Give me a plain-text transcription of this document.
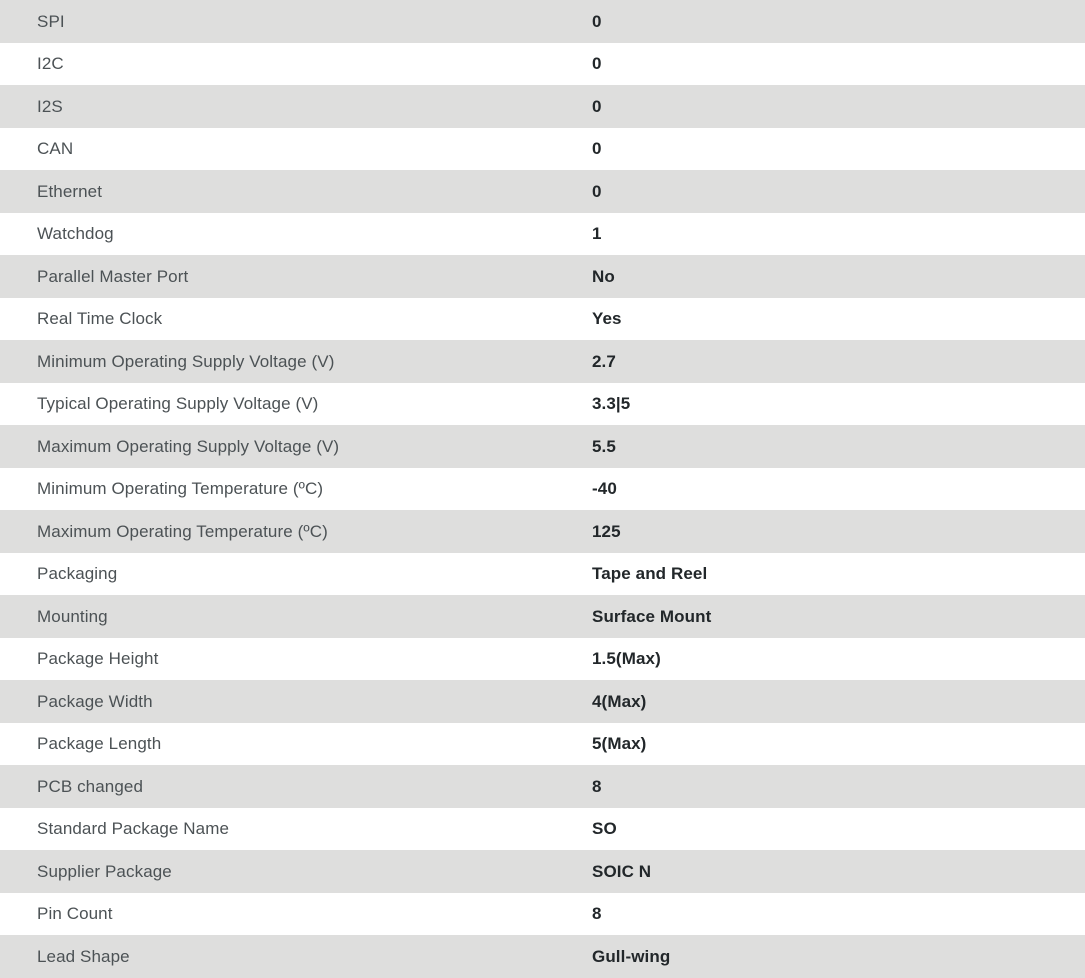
SPI	0
I2C	0
I2S	0
CAN	0
Ethernet	0
Watchdog	1
Parallel Master Port	No
Real Time Clock	Yes
Minimum Operating Supply Voltage (V)	2.7
Typical Operating Supply Voltage (V)	3.3|5
Maximum Operating Supply Voltage (V)	5.5
Minimum Operating Temperature (ºC)	-40
Maximum Operating Temperature (ºC)	125
Packaging	Tape and Reel
Mounting	Surface Mount
Package Height	1.5(Max)
Package Width	4(Max)
Package Length	5(Max)
PCB changed	8
Standard Package Name	SO
Supplier Package	SOIC N
Pin Count	8
Lead Shape	Gull-wing
